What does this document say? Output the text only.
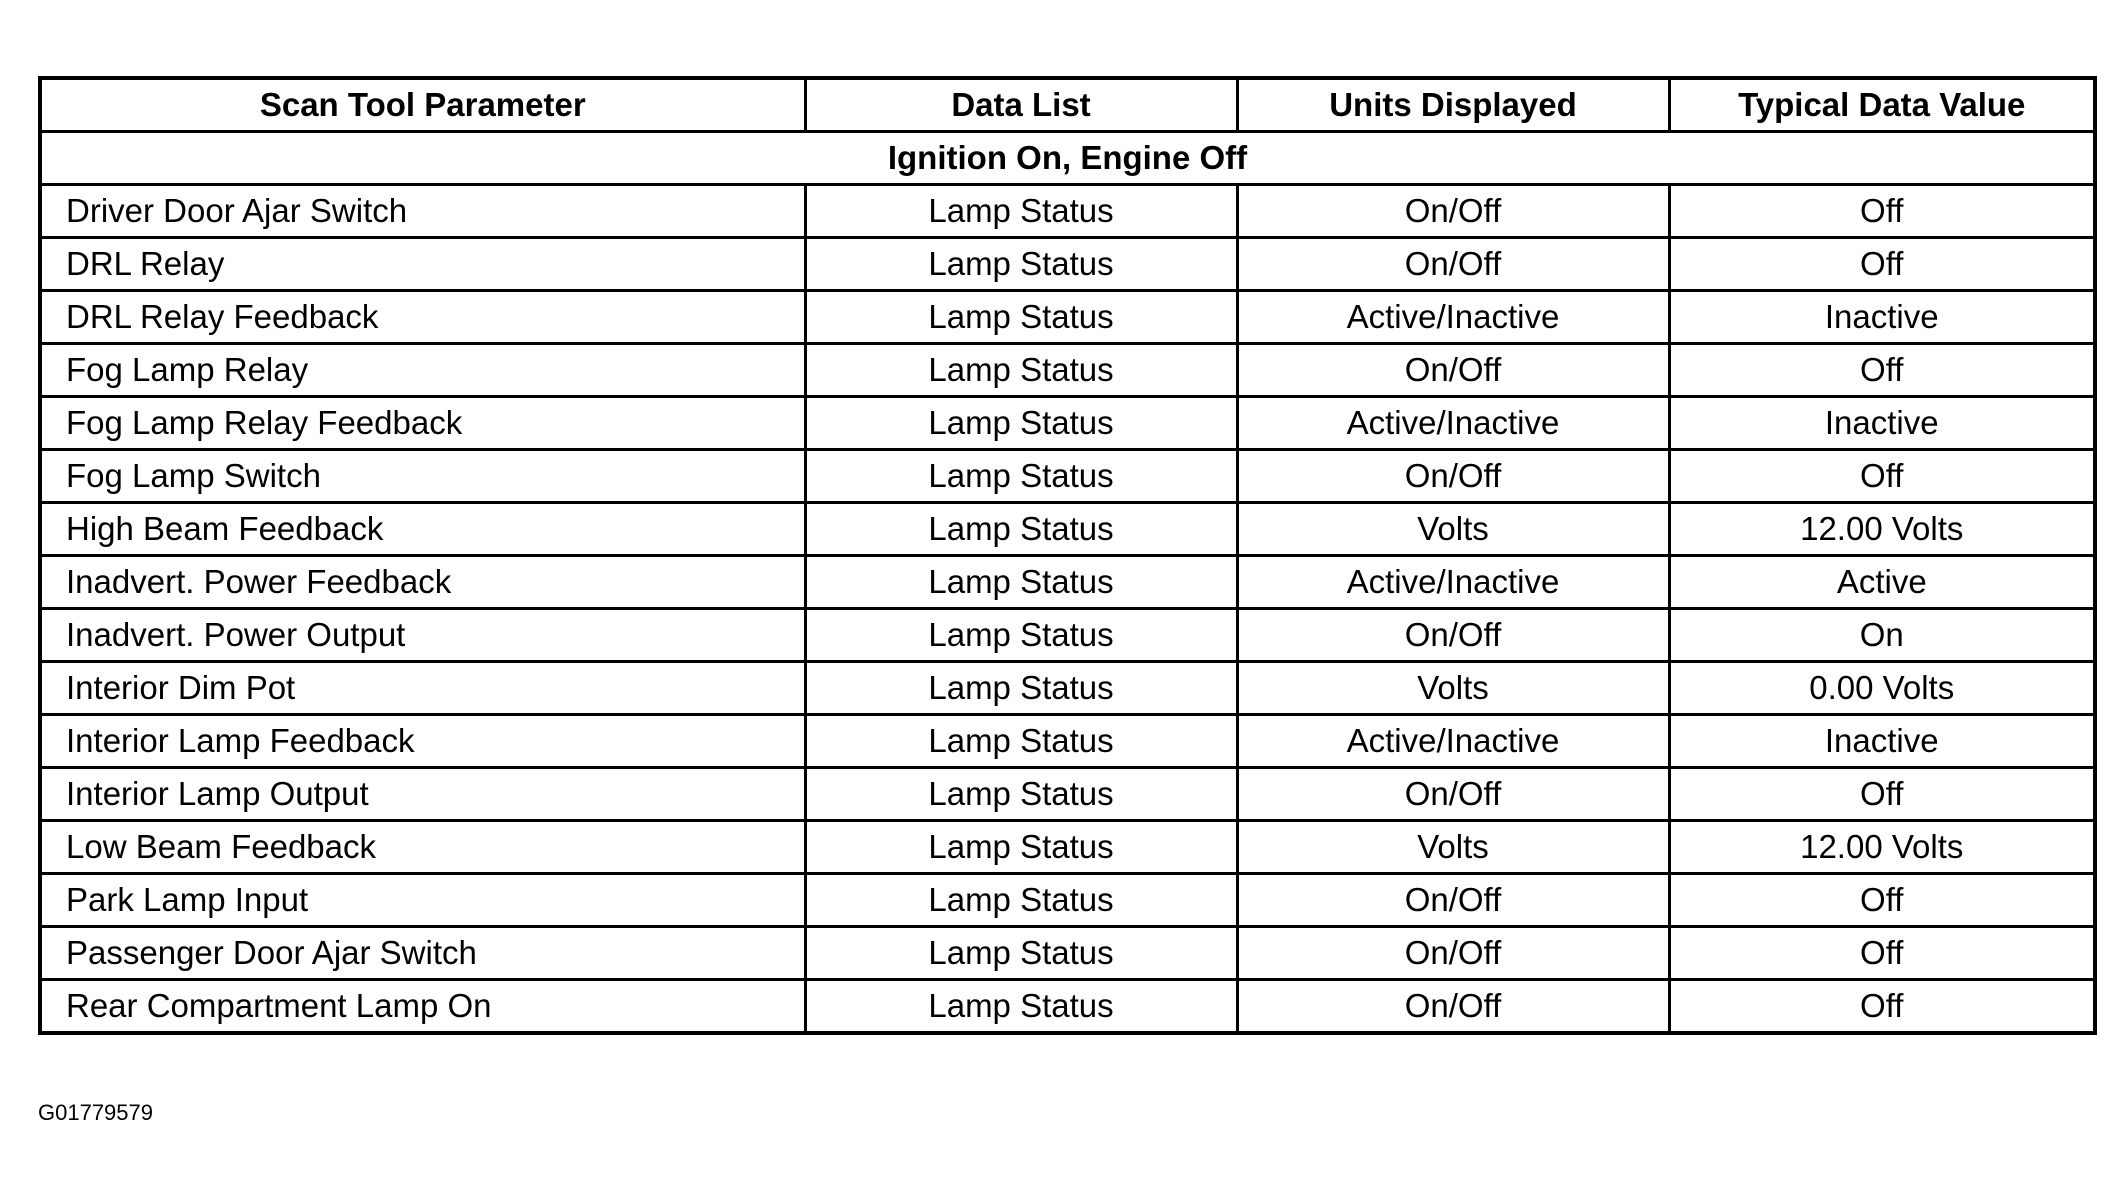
Scan Tool Parameter	Data List	Units Displayed	Typical Data Value
Ignition On, Engine Off			
Driver Door Ajar Switch	Lamp Status	On/Off	Off
DRL Relay	Lamp Status	On/Off	Off
DRL Relay Feedback	Lamp Status	Active/Inactive	Inactive
Fog Lamp Relay	Lamp Status	On/Off	Off
Fog Lamp Relay Feedback	Lamp Status	Active/Inactive	Inactive
Fog Lamp Switch	Lamp Status	On/Off	Off
High Beam Feedback	Lamp Status	Volts	12.00 Volts
Inadvert. Power Feedback	Lamp Status	Active/Inactive	Active
Inadvert. Power Output	Lamp Status	On/Off	On
Interior Dim Pot	Lamp Status	Volts	0.00 Volts
Interior Lamp Feedback	Lamp Status	Active/Inactive	Inactive
Interior Lamp Output	Lamp Status	On/Off	Off
Low Beam Feedback	Lamp Status	Volts	12.00 Volts
Park Lamp Input	Lamp Status	On/Off	Off
Passenger Door Ajar Switch	Lamp Status	On/Off	Off
Rear Compartment Lamp On	Lamp Status	On/Off	Off
G01779579
